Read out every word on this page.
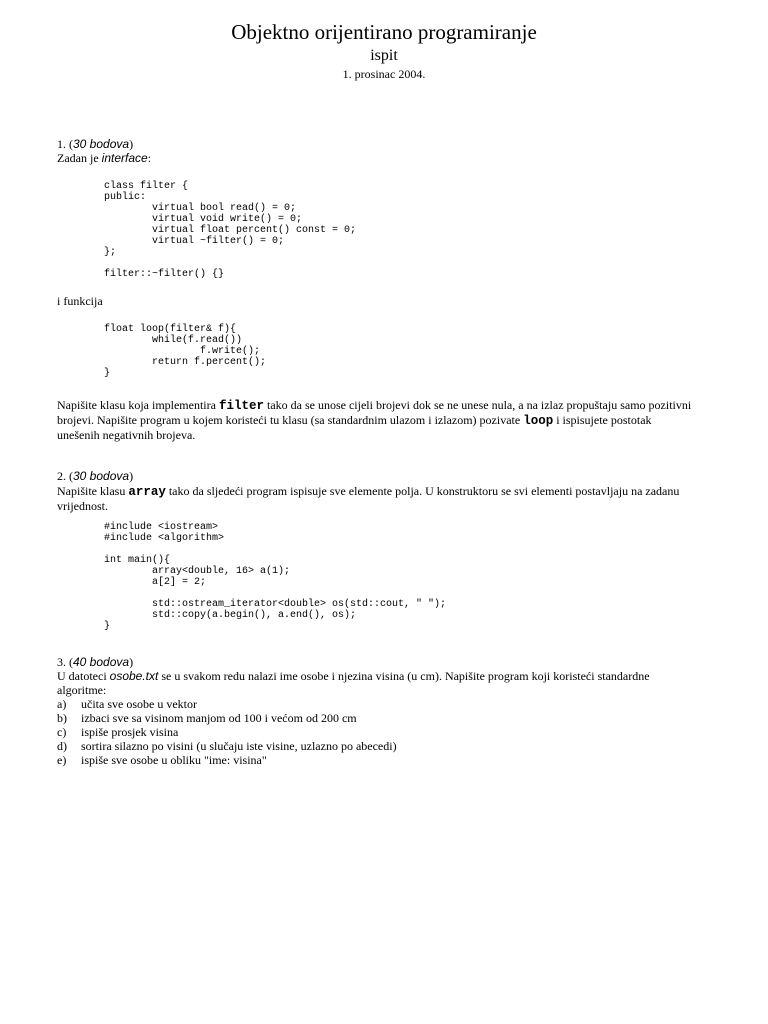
Objektno orijentirano programiranje
ispit
1. prosinac 2004.
1. (30 bodova)
Zadan je interface:
class filter {
public:
virtual bool read() = 0;
virtual void write() = 0;
virtual float percent() const = 0;
virtual ~filter() = 0;
};

filter::~filter() {}
i funkcija
float loop(filter& f){
while(f.read())
f.write();
return f.percent();
}
Napišite klasu koja implementira filter tako da se unose cijeli brojevi dok se ne unese nula, a na izlaz propuštaju samo pozitivni brojevi. Napišite program u kojem koristeći tu klasu (sa standardnim ulazom i izlazom) pozivate loop i ispisujete postotak unešenih negativnih brojeva.
2. (30 bodova)
Napišite klasu array tako da sljedeći program ispisuje sve elemente polja. U konstruktoru se svi elementi postavljaju na zadanu vrijednost.
#include <iostream>
#include <algorithm>

int main(){
array<double, 16> a(1);
a[2] = 2;

std::ostream_iterator<double> os(std::cout, " ");
std::copy(a.begin(), a.end(), os);
}
3. (40 bodova)
U datoteci osobe.txt se u svakom redu nalazi ime osobe i njezina visina (u cm). Napišite program koji koristeći standardne algoritme:
a) učita sve osobe u vektor
b) izbaci sve sa visinom manjom od 100 i većom od 200 cm
c) ispiše prosjek visina
d) sortira silazno po visini (u slučaju iste visine, uzlazno po abecedi)
e) ispiše sve osobe u obliku "ime: visina"
